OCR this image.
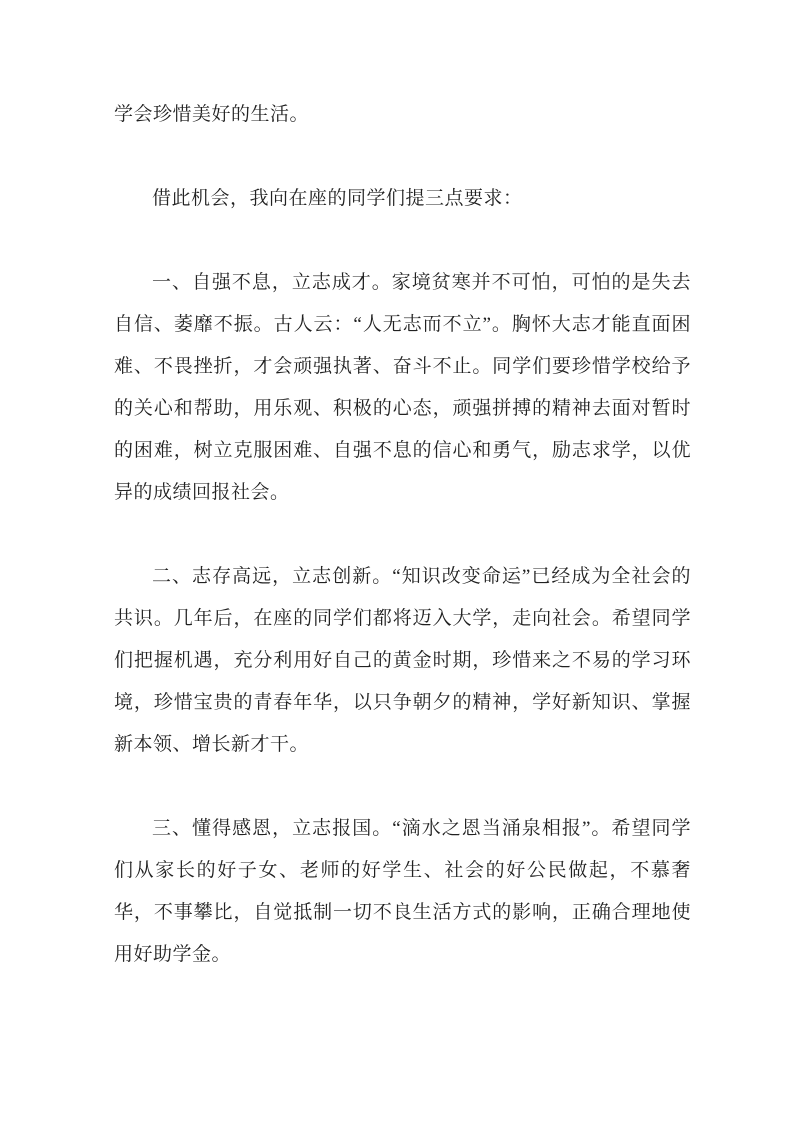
学会珍惜美好的生活。

借此机会，我向在座的同学们提三点要求：

一、自强不息，立志成才。家境贫寒并不可怕，可怕的是失去自信、萎靡不振。古人云：“人无志而不立”。胸怀大志才能直面困难、不畏挫折，才会顽强执著、奋斗不止。同学们要珍惜学校给予的关心和帮助，用乐观、积极的心态，顽强拼搏的精神去面对暂时的困难，树立克服困难、自强不息的信心和勇气，励志求学，以优异的成绩回报社会。

二、志存高远，立志创新。“知识改变命运”已经成为全社会的共识。几年后，在座的同学们都将迈入大学，走向社会。希望同学们把握机遇，充分利用好自己的黄金时期，珍惜来之不易的学习环境，珍惜宝贵的青春年华，以只争朝夕的精神，学好新知识、掌握新本领、增长新才干。

三、懂得感恩，立志报国。“滴水之恩当涌泉相报”。希望同学们从家长的好子女、老师的好学生、社会的好公民做起，不慕奢华，不事攀比，自觉抵制一切不良生活方式的影响，正确合理地使用好助学金。
